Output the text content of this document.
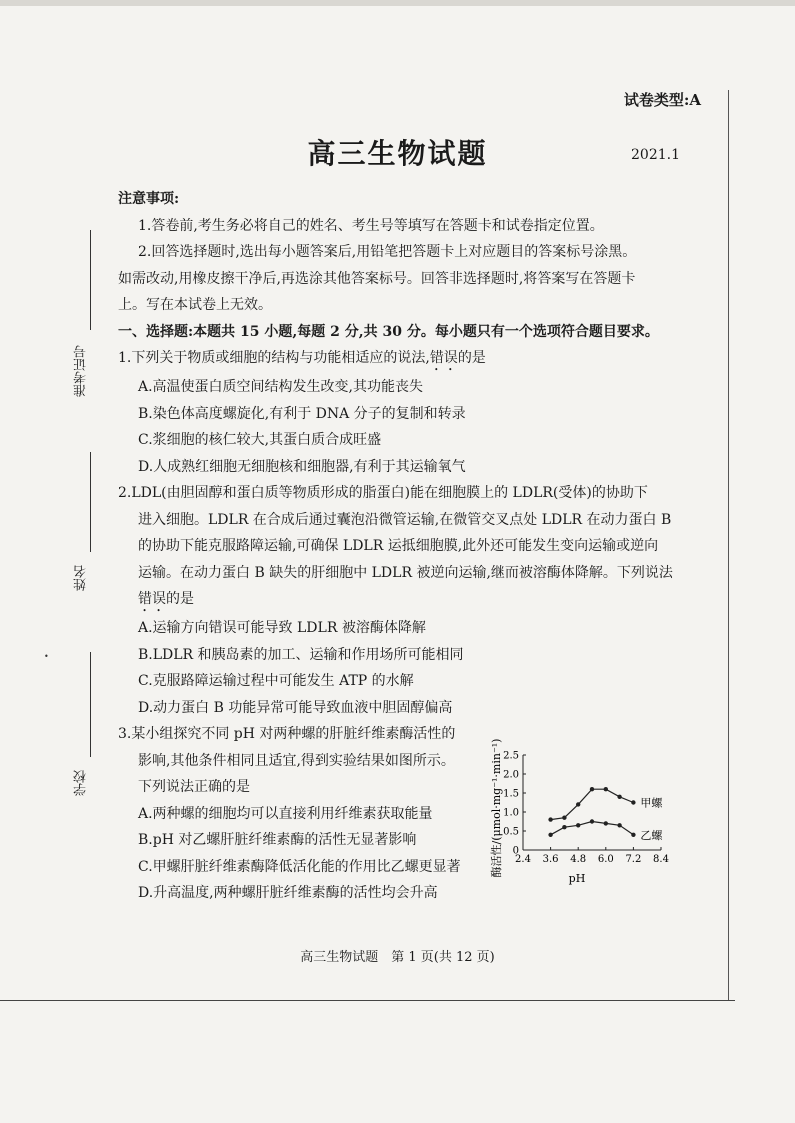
试卷类型:A
高三生物试题	2021.1
准考证号
姓名
学校
•

注意事项:

1.答卷前,考生务必将自己的姓名、考生号等填写在答题卡和试卷指定位置。

2.回答选择题时,选出每小题答案后,用铅笔把答题卡上对应题目的答案标号涂黑。

如需改动,用橡皮擦干净后,再选涂其他答案标号。回答非选择题时,将答案写在答题卡

上。写在本试卷上无效。

一、选择题:本题共 15 小题,每题 2 分,共 30 分。每小题只有一个选项符合题目要求。

1.下列关于物质或细胞的结构与功能相适应的说法,错误的是

A.高温使蛋白质空间结构发生改变,其功能丧失

B.染色体高度螺旋化,有利于 DNA 分子的复制和转录

C.浆细胞的核仁较大,其蛋白质合成旺盛

D.人成熟红细胞无细胞核和细胞器,有利于其运输氧气

2.LDL(由胆固醇和蛋白质等物质形成的脂蛋白)能在细胞膜上的 LDLR(受体)的协助下

进入细胞。LDLR 在合成后通过囊泡沿微管运输,在微管交叉点处 LDLR 在动力蛋白 B

的协助下能克服路障运输,可确保 LDLR 运抵细胞膜,此外还可能发生变向运输或逆向

运输。在动力蛋白 B 缺失的肝细胞中 LDLR 被逆向运输,继而被溶酶体降解。下列说法

错误的是

A.运输方向错误可能导致 LDLR 被溶酶体降解

B.LDLR 和胰岛素的加工、运输和作用场所可能相同

C.克服路障运输过程中可能发生 ATP 的水解

D.动力蛋白 B 功能异常可能导致血液中胆固醇偏高

3.某小组探究不同 pH 对两种螺的肝脏纤维素酶活性的

影响,其他条件相同且适宜,得到实验结果如图所示。

下列说法正确的是

A.两种螺的细胞均可以直接利用纤维素获取能量

B.pH 对乙螺肝脏纤维素酶的活性无显著影响

C.甲螺肝脏纤维素酶降低活化能的作用比乙螺更显著

D.升高温度,两种螺肝脏纤维素酶的活性均会升高

酶活性/(μmol·mg⁻¹·min⁻¹)
pH
2.4 3.6 4.8 6.0 7.2 8.4
0
0.5
1.0
1.5
2.0
2.5
甲螺
乙螺
高三生物试题　第 1 页(共 12 页)
